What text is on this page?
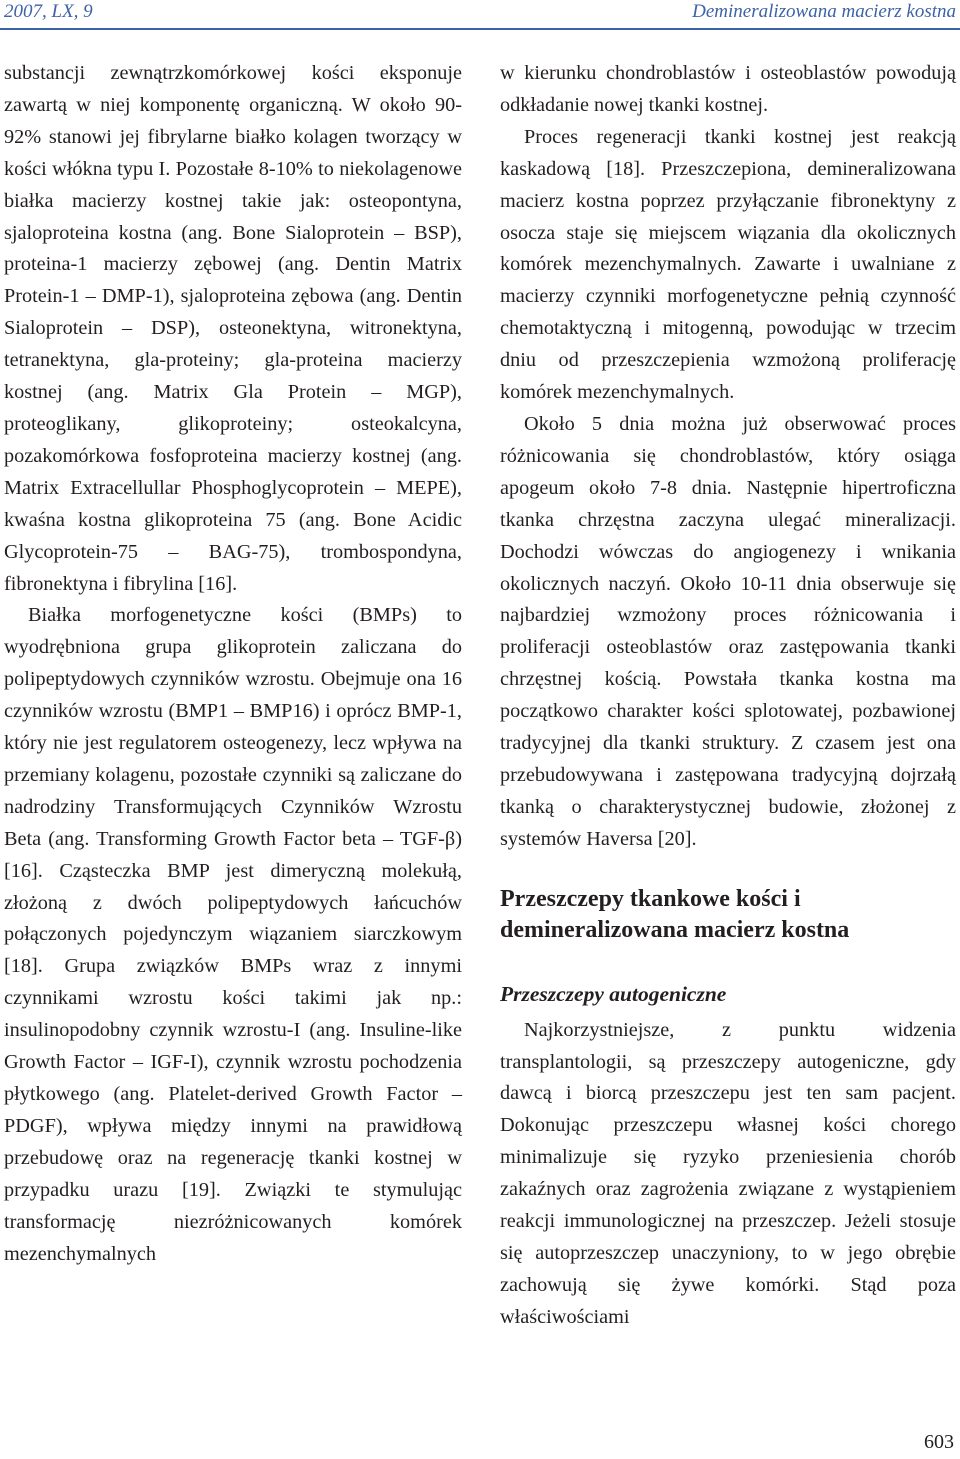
2007, LX, 9	Demineralizowana macierz kostna

substancji zewnątrzkomórkowej kości eksponuje zawartą w niej komponentę organiczną. W około 90-92% stanowi jej fibrylarne białko kolagen tworzący w kości włókna typu I. Pozostałe 8-10% to niekolagenowe białka macierzy kostnej takie jak: osteopontyna, sjaloproteina kostna (ang. Bone Sialoprotein – BSP), proteina-1 macierzy zębowej (ang. Dentin Matrix Protein-1 – DMP-1), sjaloproteina zębowa (ang. Dentin Sialoprotein – DSP), osteonektyna, witronektyna, tetranektyna, gla-proteiny; gla-proteina macierzy kostnej (ang. Matrix Gla Protein – MGP), proteoglikany, glikoproteiny; osteokalcyna, pozakomórkowa fosfoproteina macierzy kostnej (ang. Matrix Extracellullar Phosphoglycoprotein – MEPE), kwaśna kostna glikoproteina 75 (ang. Bone Acidic Glycoprotein-75 – BAG-75), trombospondyna, fibronektyna i fibrylina [16].

Białka morfogenetyczne kości (BMPs) to wyodrębniona grupa glikoprotein zaliczana do polipeptydowych czynników wzrostu. Obejmuje ona 16 czynników wzrostu (BMP1 – BMP16) i oprócz BMP-1, który nie jest regulatorem osteogenezy, lecz wpływa na przemiany kolagenu, pozostałe czynniki są zaliczane do nadrodziny Transformujących Czynników Wzrostu Beta (ang. Transforming Growth Factor beta – TGF-β) [16]. Cząsteczka BMP jest dimeryczną molekułą, złożoną z dwóch polipeptydowych łańcuchów połączonych pojedynczym wiązaniem siarczkowym [18]. Grupa związków BMPs wraz z innymi czynnikami wzrostu kości takimi jak np.: insulinopodobny czynnik wzrostu-I (ang. Insuline-like Growth Factor – IGF-I), czynnik wzrostu pochodzenia płytkowego (ang. Platelet-derived Growth Factor – PDGF), wpływa między innymi na prawidłową przebudowę oraz na regenerację tkanki kostnej w przypadku urazu [19]. Związki te stymulując transformację niezróżnicowanych komórek mezenchymalnych

w kierunku chondroblastów i osteoblastów powodują odkładanie nowej tkanki kostnej.

Proces regeneracji tkanki kostnej jest reakcją kaskadową [18]. Przeszczepiona, demineralizowana macierz kostna poprzez przyłączanie fibronektyny z osocza staje się miejscem wiązania dla okolicznych komórek mezenchymalnych. Zawarte i uwalniane z macierzy czynniki morfogenetyczne pełnią czynność chemotaktyczną i mitogenną, powodując w trzecim dniu od przeszczepienia wzmożoną proliferację komórek mezenchymalnych.

Około 5 dnia można już obserwować proces różnicowania się chondroblastów, który osiąga apogeum około 7-8 dnia. Następnie hipertroficzna tkanka chrzęstna zaczyna ulegać mineralizacji. Dochodzi wówczas do angiogenezy i wnikania okolicznych naczyń. Około 10-11 dnia obserwuje się najbardziej wzmożony proces różnicowania i proliferacji osteoblastów oraz zastępowania tkanki chrzęstnej kością. Powstała tkanka kostna ma początkowo charakter kości splotowatej, pozbawionej tradycyjnej dla tkanki struktury. Z czasem jest ona przebudowywana i zastępowana tradycyjną dojrzałą tkanką o charakterystycznej budowie, złożonej z systemów Haversa [20].

Przeszczepy tkankowe kości i demineralizowana macierz kostna
Przeszczepy autogeniczne

Najkorzystniejsze, z punktu widzenia transplantologii, są przeszczepy autogeniczne, gdy dawcą i biorcą przeszczepu jest ten sam pacjent. Dokonując przeszczepu własnej kości chorego minimalizuje się ryzyko przeniesienia chorób zakaźnych oraz zagrożenia związane z wystąpieniem reakcji immunologicznej na przeszczep. Jeżeli stosuje się autoprzeszczep unaczyniony, to w jego obrębie zachowują się żywe komórki. Stąd poza właściwościami

603
